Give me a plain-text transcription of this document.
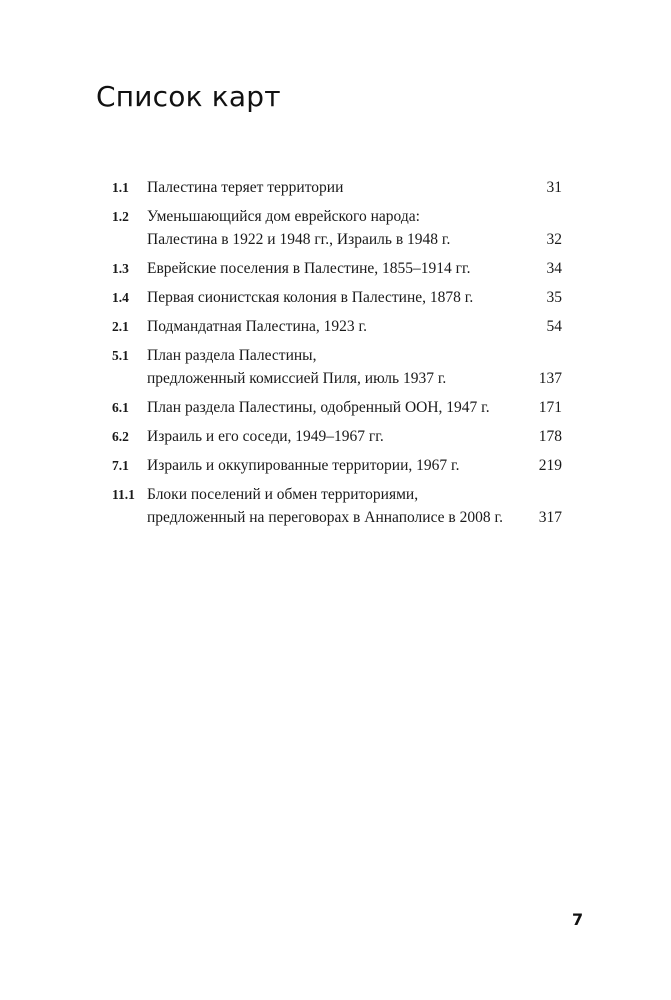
Список карт
1.1	Палестина теряет территории	31
1.2	Уменьшающийся дом еврейского народа:
Палестина в 1922 и 1948 гг., Израиль в 1948 г.	32
1.3	Еврейские поселения в Палестине, 1855–1914 гг.	34
1.4	Первая сионистская колония в Палестине, 1878 г.	35
2.1	Подмандатная Палестина, 1923 г.	54
5.1	План раздела Палестины,
предложенный комиссией Пиля, июль 1937 г.	137
6.1	План раздела Палестины, одобренный ООН, 1947 г.	171
6.2	Израиль и его соседи, 1949–1967 гг.	178
7.1	Израиль и оккупированные территории, 1967 г.	219
11.1 Блоки поселений и обмен территориями,
предложенный на переговорах в Аннаполисе в 2008 г.	317
7
